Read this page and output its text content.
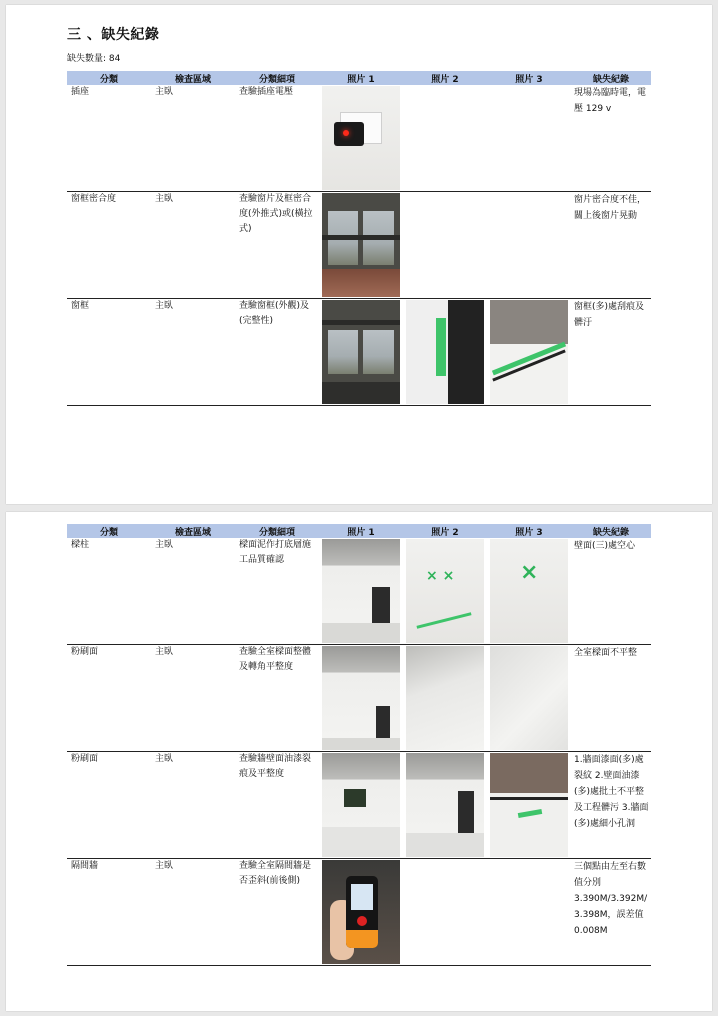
三 、缺失紀錄
缺失數量: 84
分類	檢查區域	分類細項	照片 1	照片 2	照片 3	缺失紀錄
插座	主臥	查驗插座電壓				現場為臨時電，電壓 129 v
窗框密合度	主臥	查驗窗片及框密合度(外推式)或(橫拉式)				窗片密合度不佳，關上後窗片晃動
窗框	主臥	查驗窗框(外觀)及(完整性)				窗框(多)處刮痕及髒汙
分類	檢查區域	分類細項	照片 1	照片 2	照片 3	缺失紀錄
樑柱	主臥	樑面泥作打底層施工品質確認		× ×	×	壁面(三)處空心
粉刷面	主臥	查驗全室樑面整體及轉角平整度				全室樑面不平整
粉刷面	主臥	查驗牆壁面油漆裂痕及平整度				1.牆面漆面(多)處裂紋 2.壁面油漆(多)處批土不平整及工程髒污 3.牆面(多)處細小孔洞
隔間牆	主臥	查驗全室隔間牆是否歪斜(前後側)				三個點由左至右數值分別 3.390M/3.392M/ 3.398M，誤差值 0.008M
